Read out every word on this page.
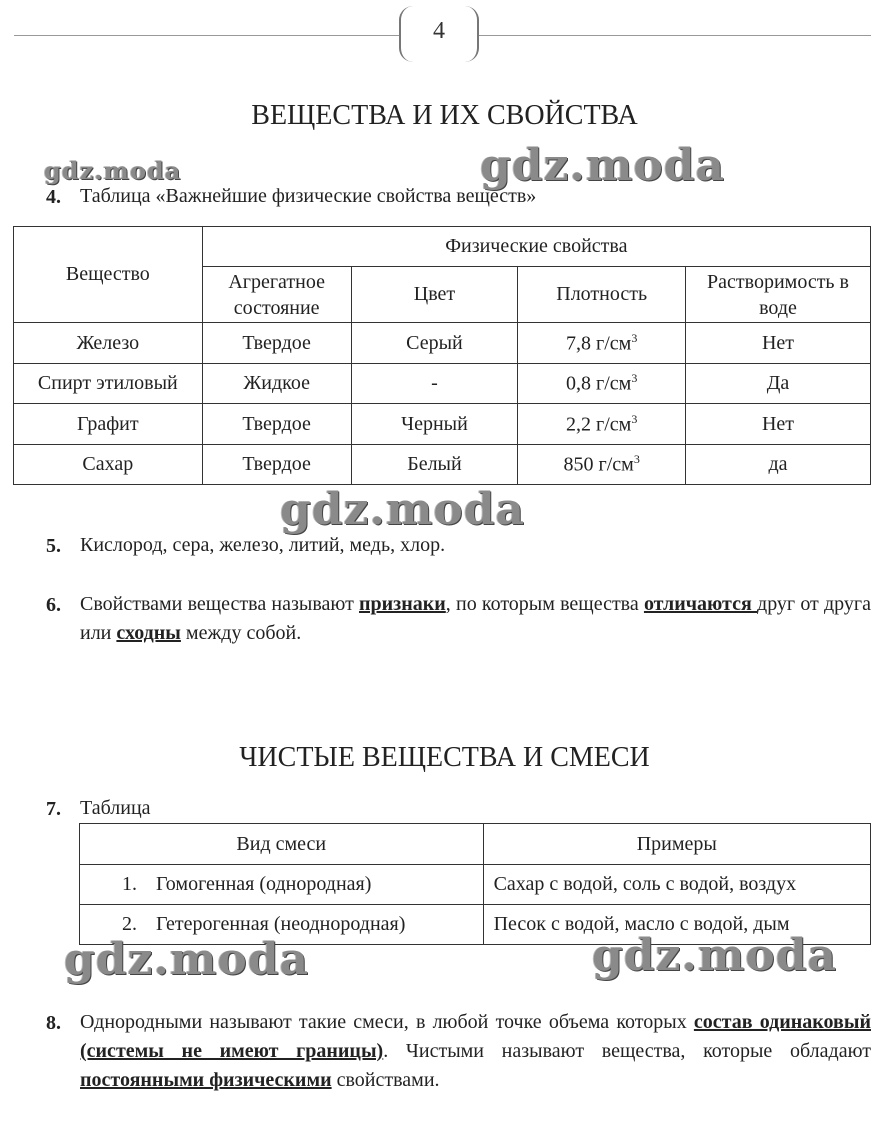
4
ВЕЩЕСТВА И ИХ СВОЙСТВА
gdz.moda	gdz.moda
4. Таблица «Важнейшие физические свойства веществ»
Вещество	Физические свойства			
	Агрегатное состояние	Цвет	Плотность	Растворимость в воде
Железо	Твердое	Серый	7,8 $г/см^3$	Нет
Спирт этиловый	Жидкое	-	0,8 $г/см^3$	Да
Графит	Твердое	Черный	2,2 $г/см^3$	Нет
Сахар	Твердое	Белый	850 $г/см^3$	да
gdz.moda
5. Кислород, сера, железо, литий, медь, хлор.
6. Свойствами вещества называют признаки, по которым вещества отличаются друг от друга или сходны между собой.
ЧИСТЫЕ ВЕЩЕСТВА И СМЕСИ
7. Таблица
Вид смеси	Примеры
1. Гомогенная (однородная)	Сахар с водой, соль с водой, воздух
2. Гетерогенная (неоднородная)	Песок с водой, масло с водой, дым
gdz.moda	gdz.moda
8. Однородными называют такие смеси, в любой точке объема которых состав одинаковый (системы не имеют границы). Чистыми называют вещества, которые обладают постоянными физическими свойствами.
